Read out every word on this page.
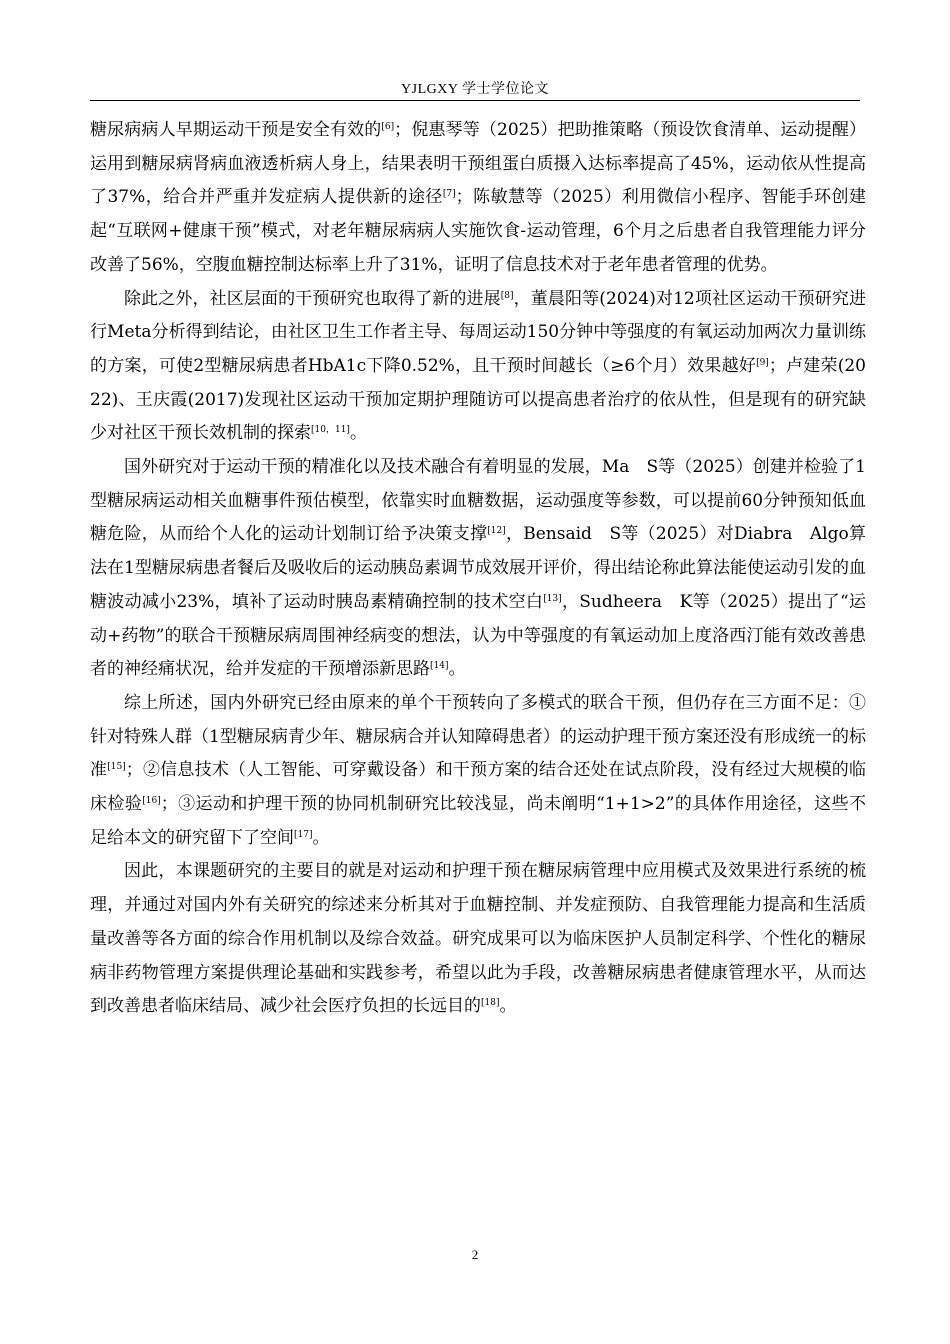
YJLGXY 学士学位论文

糖尿病病人早期运动干预是安全有效的[6]；倪惠琴等（2025）把助推策略（预设饮食清单、运动提醒）运用到糖尿病肾病血液透析病人身上，结果表明干预组蛋白质摄入达标率提高了45%，运动依从性提高了37%，给合并严重并发症病人提供新的途径[7]；陈敏慧等（2025）利用微信小程序、智能手环创建起“互联网+健康干预”模式，对老年糖尿病病人实施饮食-运动管理，6个月之后患者自我管理能力评分改善了56%，空腹血糖控制达标率上升了31%，证明了信息技术对于老年患者管理的优势。

除此之外，社区层面的干预研究也取得了新的进展[8]，董晨阳等(2024)对12项社区运动干预研究进行Meta分析得到结论，由社区卫生工作者主导、每周运动150分钟中等强度的有氧运动加两次力量训练的方案，可使2型糖尿病患者HbA1c下降0.52%，且干预时间越长（≥6个月）效果越好[9]；卢建荣(2022)、王庆霞(2017)发现社区运动干预加定期护理随访可以提高患者治疗的依从性，但是现有的研究缺少对社区干预长效机制的探索[10，11]。

国外研究对于运动干预的精准化以及技术融合有着明显的发展，Ma　S等（2025）创建并检验了1型糖尿病运动相关血糖事件预估模型，依靠实时血糖数据，运动强度等参数，可以提前60分钟预知低血糖危险，从而给个人化的运动计划制订给予决策支撑[12]，Bensaid　S等（2025）对Diabra　Algo算法在1型糖尿病患者餐后及吸收后的运动胰岛素调节成效展开评价，得出结论称此算法能使运动引发的血糖波动减小23%，填补了运动时胰岛素精确控制的技术空白[13]，Sudheera　K等（2025）提出了“运动+药物”的联合干预糖尿病周围神经病变的想法，认为中等强度的有氧运动加上度洛西汀能有效改善患者的神经痛状况，给并发症的干预增添新思路[14]。

综上所述，国内外研究已经由原来的单个干预转向了多模式的联合干预，但仍存在三方面不足：①针对特殊人群（1型糖尿病青少年、糖尿病合并认知障碍患者）的运动护理干预方案还没有形成统一的标准[15]；②信息技术（人工智能、可穿戴设备）和干预方案的结合还处在试点阶段，没有经过大规模的临床检验[16]；③运动和护理干预的协同机制研究比较浅显，尚未阐明“1+1>2”的具体作用途径，这些不足给本文的研究留下了空间[17]。

因此，本课题研究的主要目的就是对运动和护理干预在糖尿病管理中应用模式及效果进行系统的梳理，并通过对国内外有关研究的综述来分析其对于血糖控制、并发症预防、自我管理能力提高和生活质量改善等各方面的综合作用机制以及综合效益。研究成果可以为临床医护人员制定科学、个性化的糖尿病非药物管理方案提供理论基础和实践参考，希望以此为手段，改善糖尿病患者健康管理水平，从而达到改善患者临床结局、减少社会医疗负担的长远目的[18]。

2
